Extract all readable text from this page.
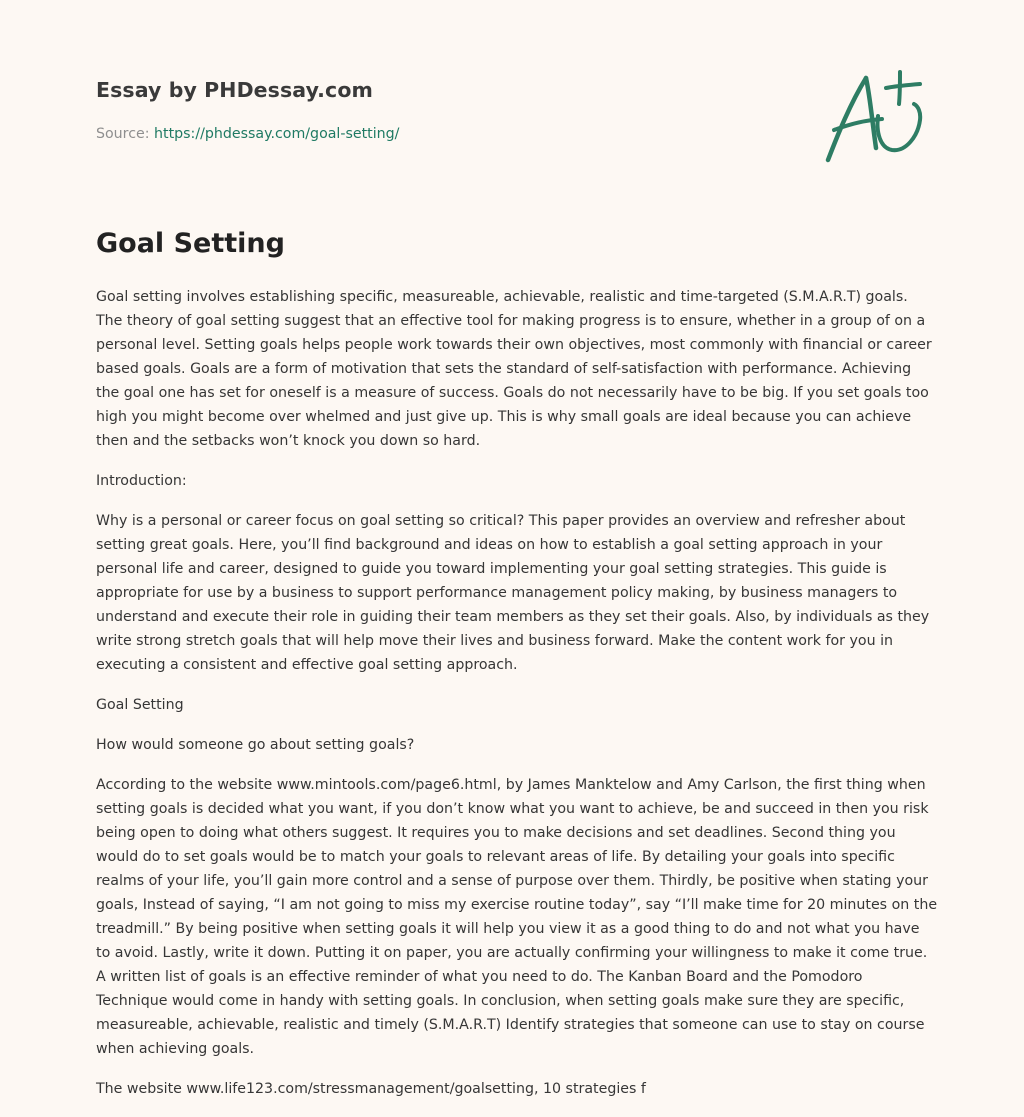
Essay by PHDessay.com
Source: https://phdessay.com/goal-setting/
Goal Setting

Goal setting involves establishing specific, measureable, achievable, realistic and time-targeted (S.M.A.R.T) goals. The theory of goal setting suggest that an effective tool for making progress is to ensure, whether in a group of on a personal level. Setting goals helps people work towards their own objectives, most commonly with financial or career based goals. Goals are a form of motivation that sets the standard of self-satisfaction with performance. Achieving the goal one has set for oneself is a measure of success. Goals do not necessarily have to be big. If you set goals too high you might become over whelmed and just give up. This is why small goals are ideal because you can achieve then and the setbacks won’t knock you down so hard.

Introduction:

Why is a personal or career focus on goal setting so critical? This paper provides an overview and refresher about setting great goals. Here, you’ll find background and ideas on how to establish a goal setting approach in your personal life and career, designed to guide you toward implementing your goal setting strategies. This guide is appropriate for use by a business to support performance management policy making, by business managers to understand and execute their role in guiding their team members as they set their goals. Also, by individuals as they write strong stretch goals that will help move their lives and business forward. Make the content work for you in executing a consistent and effective goal setting approach.

Goal Setting

How would someone go about setting goals?

According to the website www.mintools.com/page6.html, by James Manktelow and Amy Carlson, the first thing when setting goals is decided what you want, if you don’t know what you want to achieve, be and succeed in then you risk being open to doing what others suggest. It requires you to make decisions and set deadlines. Second thing you would do to set goals would be to match your goals to relevant areas of life. By detailing your goals into specific realms of your life, you’ll gain more control and a sense of purpose over them. Thirdly, be positive when stating your goals, Instead of saying, “I am not going to miss my exercise routine today”, say “I’ll make time for 20 minutes on the treadmill.” By being positive when setting goals it will help you view it as a good thing to do and not what you have to avoid. Lastly, write it down. Putting it on paper, you are actually confirming your willingness to make it come true. A written list of goals is an effective reminder of what you need to do. The Kanban Board and the Pomodoro Technique would come in handy with setting goals. In conclusion, when setting goals make sure they are specific, measureable, achievable, realistic and timely (S.M.A.R.T) Identify strategies that someone can use to stay on course when achieving goals.

The website www.life123.com/stressmanagement/goalsetting, 10 strategies f
